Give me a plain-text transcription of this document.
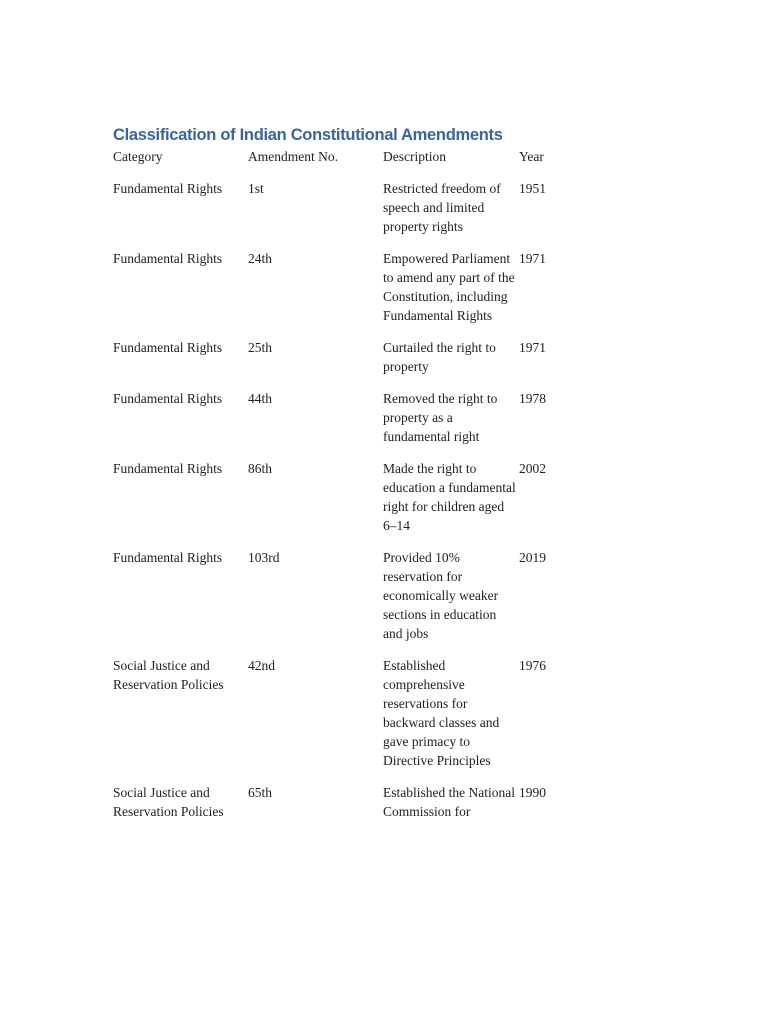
Classification of Indian Constitutional Amendments
Category	Amendment No.	Description	Year
Fundamental Rights	1st	Restricted freedom of speech and limited property rights	1951
Fundamental Rights	24th	Empowered Parliament to amend any part of the Constitution, including Fundamental Rights	1971
Fundamental Rights	25th	Curtailed the right to property	1971
Fundamental Rights	44th	Removed the right to property as a fundamental right	1978
Fundamental Rights	86th	Made the right to education a fundamental right for children aged 6–14	2002
Fundamental Rights	103rd	Provided 10% reservation for economically weaker sections in education and jobs	2019
Social Justice and Reservation Policies	42nd	Established comprehensive reservations for backward classes and gave primacy to Directive Principles	1976
Social Justice and Reservation Policies	65th	Established the National Commission for	1990
